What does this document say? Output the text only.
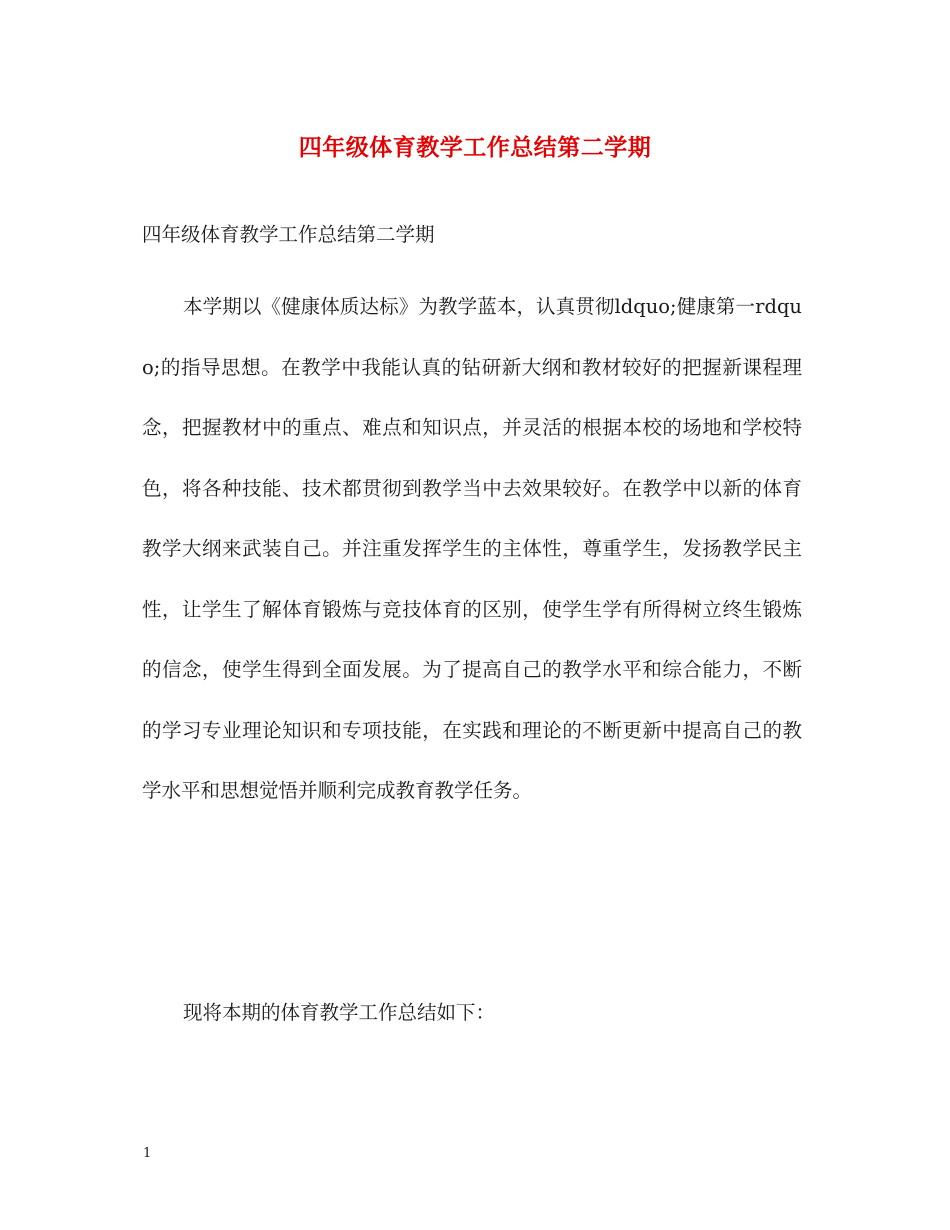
四年级体育教学工作总结第二学期
四年级体育教学工作总结第二学期

本学期以《健康体质达标》为教学蓝本，认真贯彻ldquo;健康第一rdquo;的指导思想。在教学中我能认真的钻研新大纲和教材较好的把握新课程理念，把握教材中的重点、难点和知识点，并灵活的根据本校的场地和学校特色，将各种技能、技术都贯彻到教学当中去效果较好。在教学中以新的体育教学大纲来武装自己。并注重发挥学生的主体性，尊重学生，发扬教学民主性，让学生了解体育锻炼与竞技体育的区别，使学生学有所得树立终生锻炼的信念，使学生得到全面发展。为了提高自己的教学水平和综合能力，不断的学习专业理论知识和专项技能，在实践和理论的不断更新中提高自己的教学水平和思想觉悟并顺利完成教育教学任务。

现将本期的体育教学工作总结如下：

1
